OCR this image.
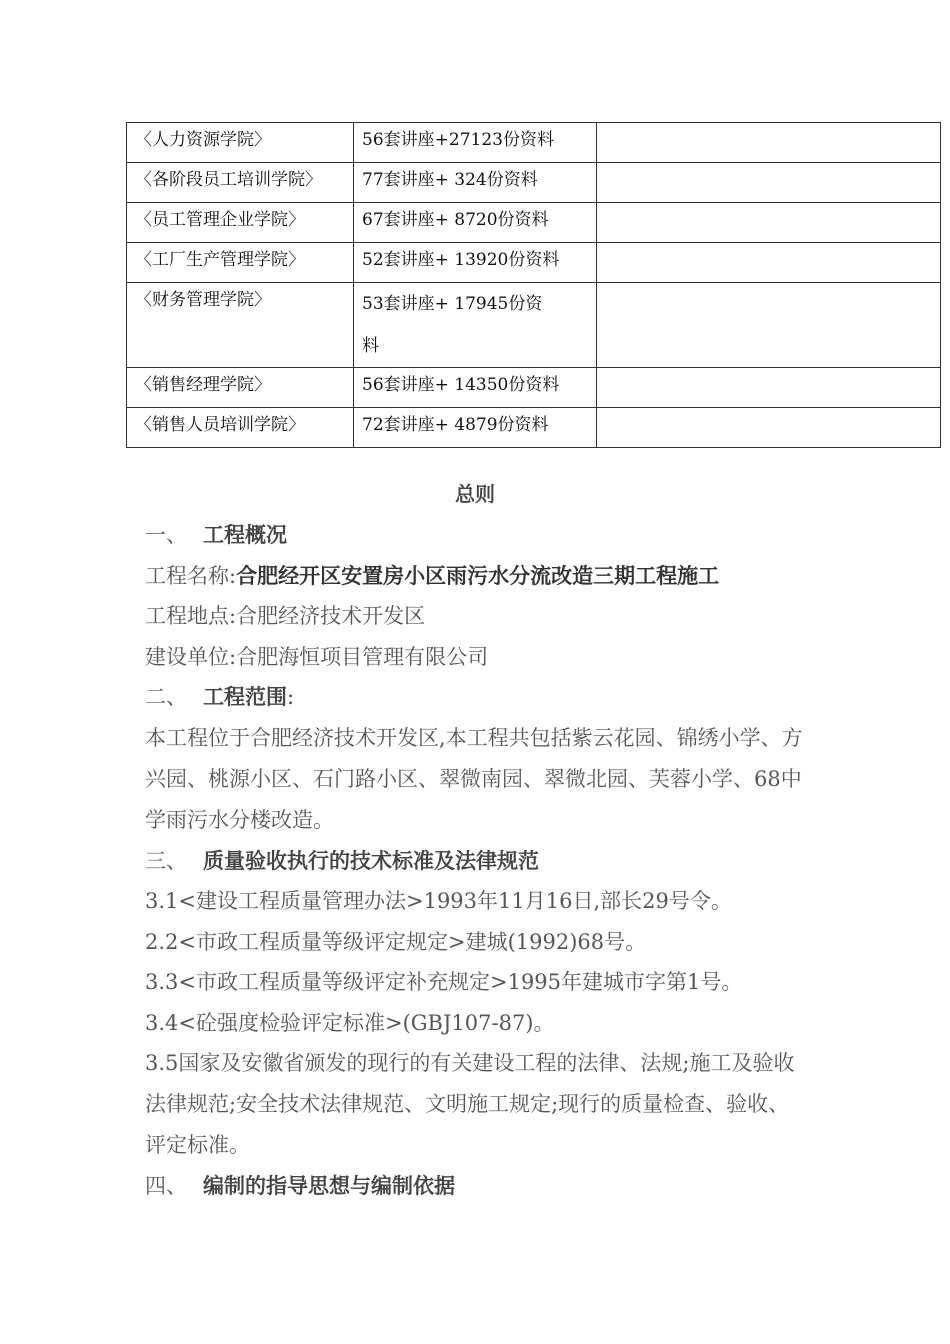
〈人力资源学院〉	56套讲座+27123份资料	
〈各阶段员工培训学院〉	77套讲座+ 324份资料	
〈员工管理企业学院〉	67套讲座+ 8720份资料	
〈工厂生产管理学院〉	52套讲座+ 13920份资料	
〈财务管理学院〉	53套讲座+ 17945份资
料	

〈销售经理学院〉	56套讲座+ 14350份资料	
〈销售人员培训学院〉	72套讲座+ 4879份资料	
总则
一、 工程概况
工程名称:合肥经开区安置房小区雨污水分流改造三期工程施工
工程地点:合肥经济技术开发区
建设单位:合肥海恒项目管理有限公司
二、 工程范围:
本工程位于合肥经济技术开发区,本工程共包括紫云花园、锦绣小学、方兴园、桃源小区、石门路小区、翠微南园、翠微北园、芙蓉小学、68中学雨污水分楼改造。
三、 质量验收执行的技术标准及法律规范
3.1<建设工程质量管理办法>1993年11月16日,部长29号令。
2.2<市政工程质量等级评定规定>建城(1992)68号。
3.3<市政工程质量等级评定补充规定>1995年建城市字第1号。
3.4<砼强度检验评定标准>(GBJ107-87)。
3.5国家及安徽省颁发的现行的有关建设工程的法律、法规;施工及验收法律规范;安全技术法律规范、文明施工规定;现行的质量检查、验收、评定标准。
四、 编制的指导思想与编制依据
